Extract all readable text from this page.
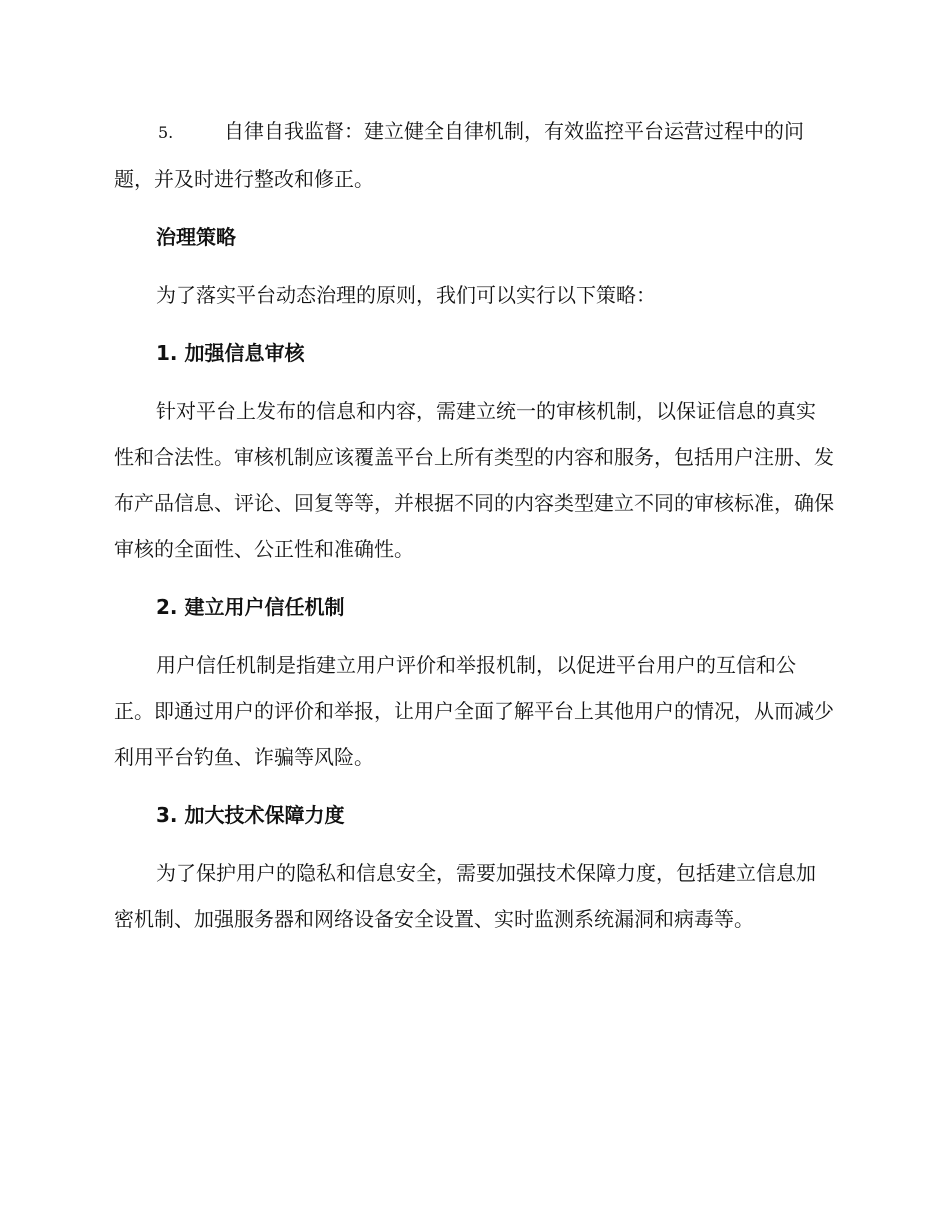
5.	自律自我监督：建立健全自律机制，有效监控平台运营过程中的问题，并及时进行整改和修正。

治理策略

为了落实平台动态治理的原则，我们可以实行以下策略：

1. 加强信息审核

针对平台上发布的信息和内容，需建立统一的审核机制，以保证信息的真实性和合法性。审核机制应该覆盖平台上所有类型的内容和服务，包括用户注册、发布产品信息、评论、回复等等，并根据不同的内容类型建立不同的审核标准，确保审核的全面性、公正性和准确性。

2. 建立用户信任机制

用户信任机制是指建立用户评价和举报机制，以促进平台用户的互信和公正。即通过用户的评价和举报，让用户全面了解平台上其他用户的情况，从而减少利用平台钓鱼、诈骗等风险。

3. 加大技术保障力度

为了保护用户的隐私和信息安全，需要加强技术保障力度，包括建立信息加密机制、加强服务器和网络设备安全设置、实时监测系统漏洞和病毒等。
